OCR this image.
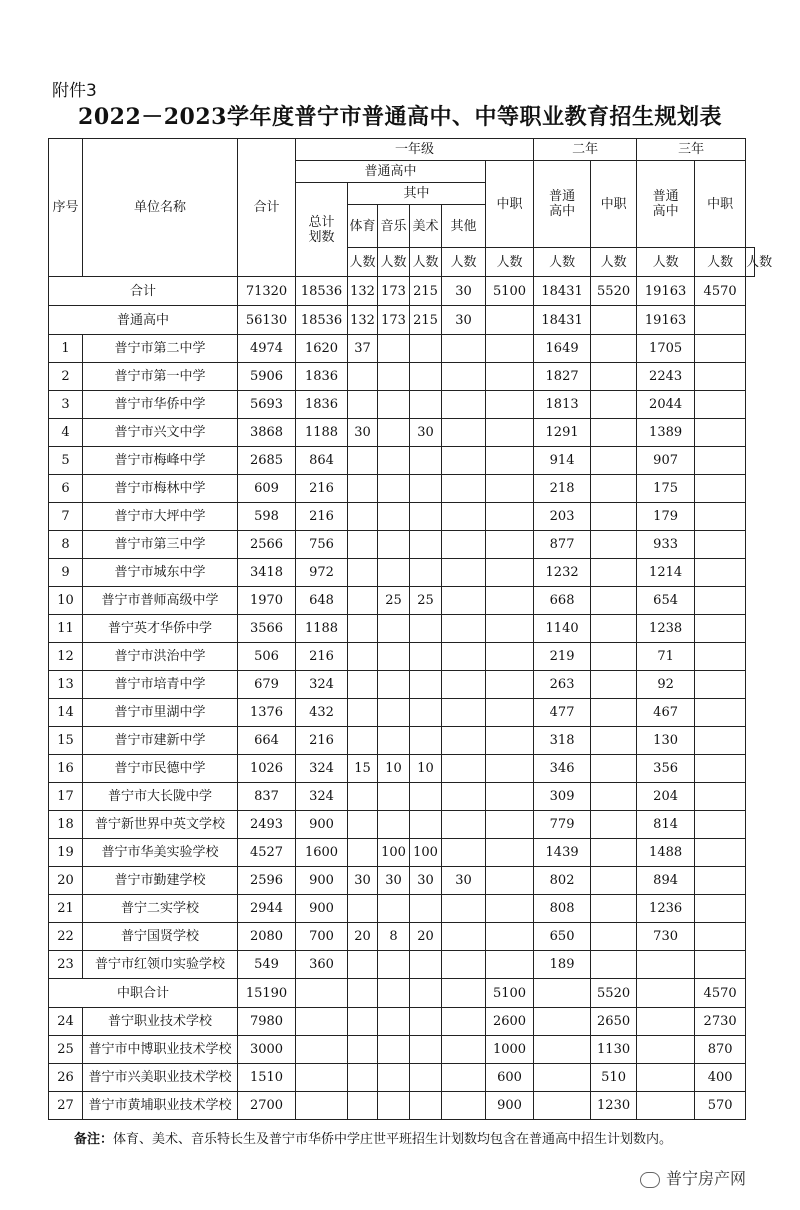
附件3
2022－2023学年度普宁市普通高中、中等职业教育招生规划表
序号	单位名称	合计	一年级						二年		三年		
			普通高中					中职	普通高中	中职	普通高中	中职	
			总计划数	其中									
				体育	音乐	美术	其他						
				人数	人数	人数	人数	人数	人数	人数	人数	人数	人数
合计		71320	18536	132	173	215	30	5100	18431	5520	19163	4570	
普通高中		56130	18536	132	173	215	30		18431		19163		
1	普宁市第二中学	4974	1620	37					1649		1705		
2	普宁市第一中学	5906	1836						1827		2243		
3	普宁市华侨中学	5693	1836						1813		2044		
4	普宁市兴文中学	3868	1188	30		30			1291		1389		
5	普宁市梅峰中学	2685	864						914		907		
6	普宁市梅林中学	609	216						218		175		
7	普宁市大坪中学	598	216						203		179		
8	普宁市第三中学	2566	756						877		933		
9	普宁市城东中学	3418	972						1232		1214		
10	普宁市普师高级中学	1970	648		25	25			668		654		
11	普宁英才华侨中学	3566	1188						1140		1238		
12	普宁市洪治中学	506	216						219		71		
13	普宁市培青中学	679	324						263		92		
14	普宁市里湖中学	1376	432						477		467		
15	普宁市建新中学	664	216						318		130		
16	普宁市民德中学	1026	324	15	10	10			346		356		
17	普宁市大长陇中学	837	324						309		204		
18	普宁新世界中英文学校	2493	900						779		814		
19	普宁市华美实验学校	4527	1600		100	100			1439		1488		
20	普宁市勤建学校	2596	900	30	30	30	30		802		894		
21	普宁二实学校	2944	900						808		1236		
22	普宁国贤学校	2080	700	20	8	20			650		730		
23	普宁市红领巾实验学校	549	360						189				
中职合计		15190						5100		5520		4570	
24	普宁职业技术学校	7980						2600		2650		2730	
25	普宁市中博职业技术学校	3000						1000		1130		870	
26	普宁市兴美职业技术学校	1510						600		510		400	
27	普宁市黄埔职业技术学校	2700						900		1230		570	
备注：体育、美术、音乐特长生及普宁市华侨中学庄世平班招生计划数均包含在普通高中招生计划数内。
普宁房产网
